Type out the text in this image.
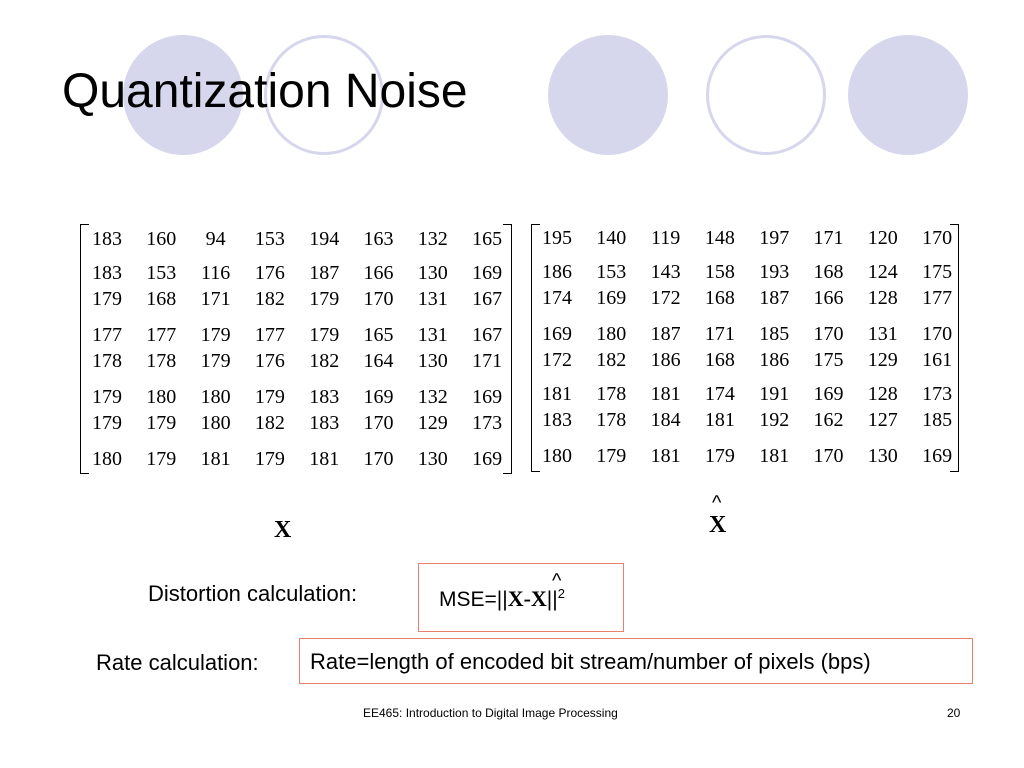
Quantization Noise
183	160	94	153	194	163	132	165
183	153	116	176	187	166	130	169
179	168	171	182	179	170	131	167
177	177	179	177	179	165	131	167
178	178	179	176	182	164	130	171
179	180	180	179	183	169	132	169
179	179	180	182	183	170	129	173
180	179	181	179	181	170	130	169
195	140	119	148	197	171	120	170
186	153	143	158	193	168	124	175
174	169	172	168	187	166	128	177
169	180	187	171	185	170	131	170
172	182	186	168	186	175	129	161
181	178	181	174	191	169	128	173
183	178	184	181	192	162	127	185
180	179	181	179	181	170	130	169
X
^
X
Distortion calculation:	^
$MSE=||X-X||^2$
Rate calculation: Rate=length of encoded bit stream/number of pixels (bps)
EE465: Introduction to Digital Image Processing	20
